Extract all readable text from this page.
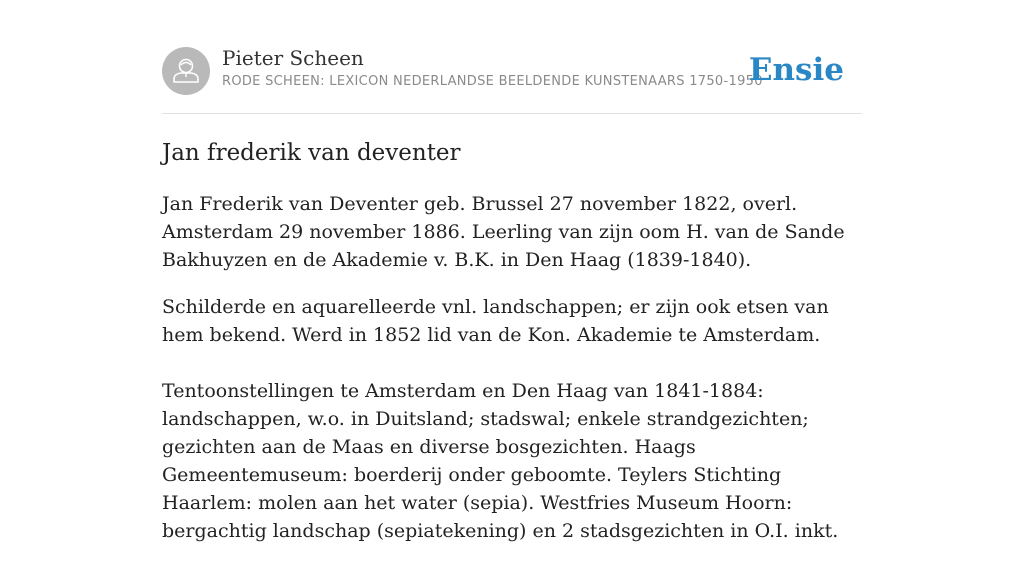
Pieter Scheen
RODE SCHEEN: LEXICON NEDERLANDSE BEELDENDE KUNSTENAARS 1750-1950
Ensie
Jan frederik van deventer

Jan Frederik van Deventer geb. Brussel 27 november 1822, overl. Amsterdam 29 november 1886. Leerling van zijn oom H. van de Sande Bakhuyzen en de Akademie v. B.K. in Den Haag (1839-1840).

Schilderde en aquarelleerde vnl. landschappen; er zijn ook etsen van hem bekend. Werd in 1852 lid van de Kon. Akademie te Amsterdam.

Tentoonstellingen te Amsterdam en Den Haag van 1841-1884: landschappen, w.o. in Duitsland; stadswal; enkele strandgezichten; gezichten aan de Maas en diverse bosgezichten. Haags Gemeentemuseum: boerderij onder geboomte. Teylers Stichting Haarlem: molen aan het water (sepia). Westfries Museum Hoorn: bergachtig landschap (sepiatekening) en 2 stadsgezichten in O.I. inkt.
